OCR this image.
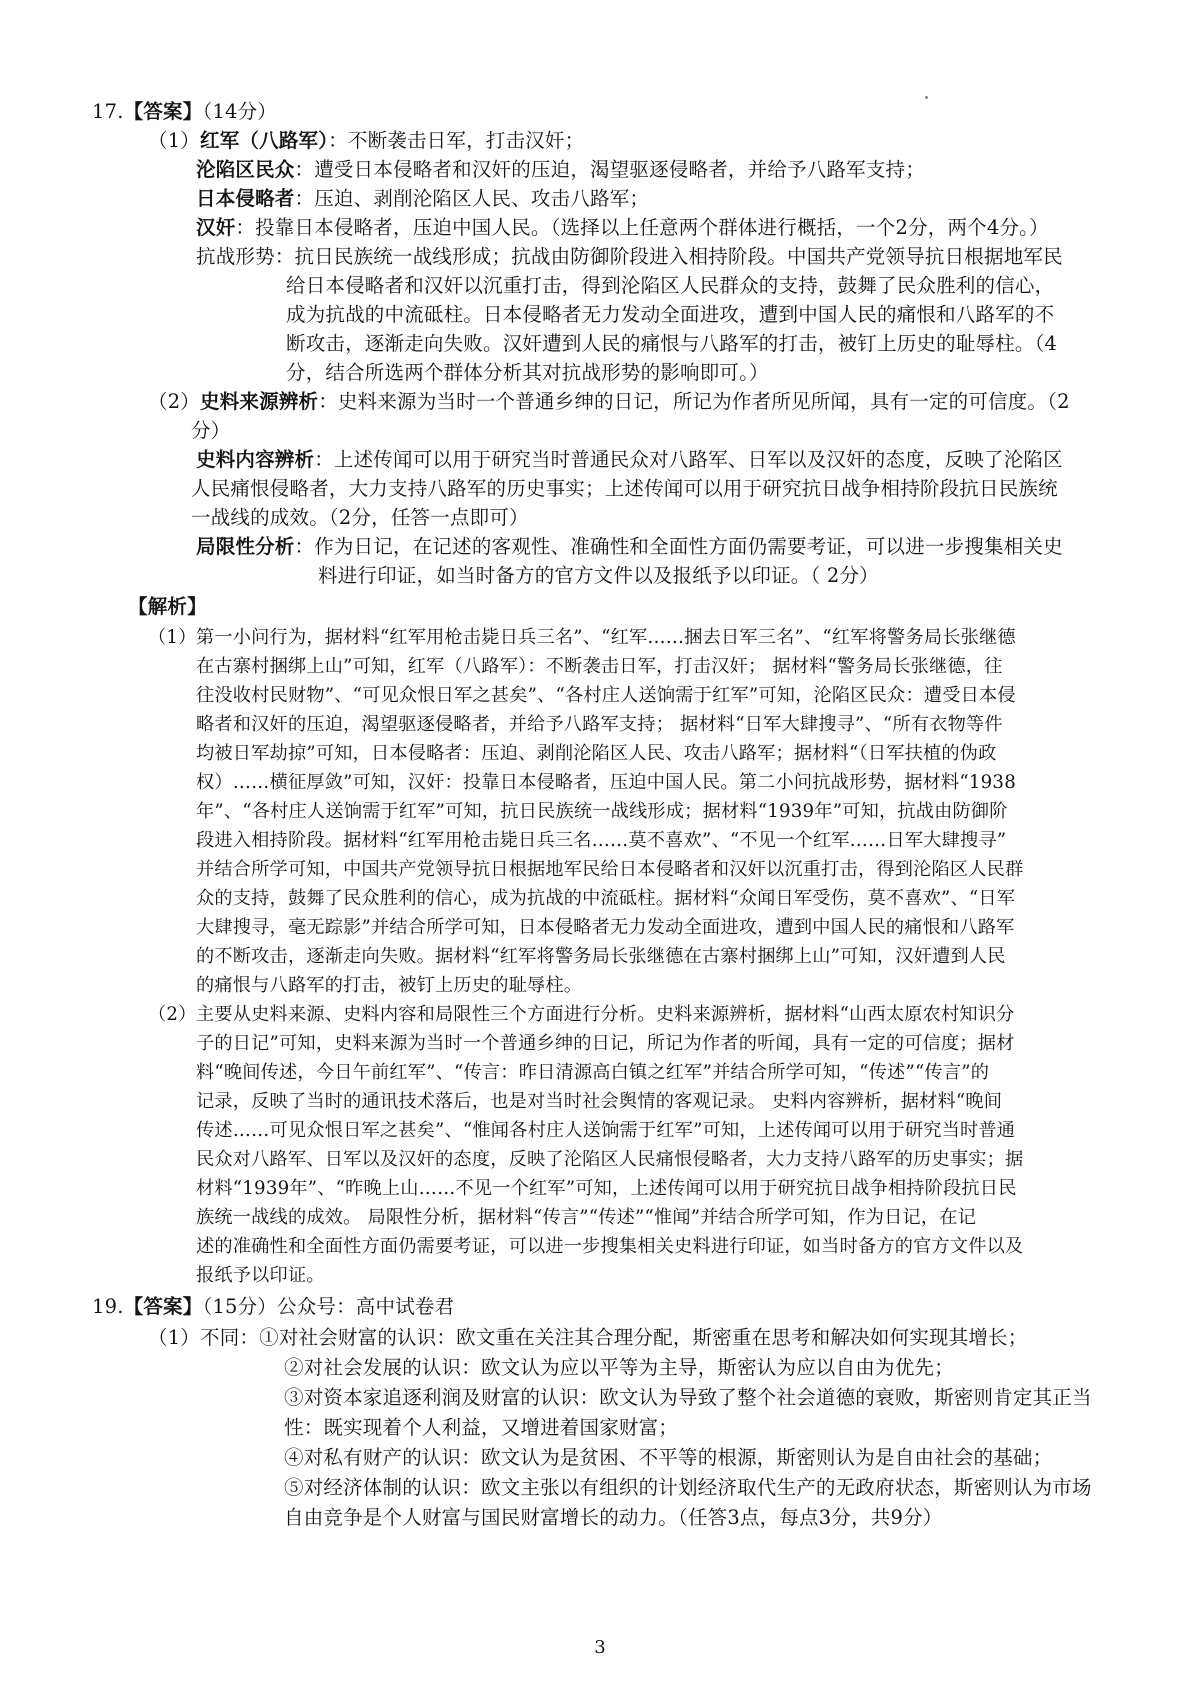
17.【答案】（14分）
（1）红军（八路军）：不断袭击日军，打击汉奸；
沦陷区民众：遭受日本侵略者和汉奸的压迫，渴望驱逐侵略者，并给予八路军支持；
日本侵略者：压迫、剥削沦陷区人民、攻击八路军；
汉奸：投靠日本侵略者，压迫中国人民。（选择以上任意两个群体进行概括，一个2分，两个4分。）
抗战形势：抗日民族统一战线形成；抗战由防御阶段进入相持阶段。中国共产党领导抗日根据地军民
给日本侵略者和汉奸以沉重打击，得到沦陷区人民群众的支持，鼓舞了民众胜利的信心，
成为抗战的中流砥柱。日本侵略者无力发动全面进攻，遭到中国人民的痛恨和八路军的不
断攻击，逐渐走向失败。汉奸遭到人民的痛恨与八路军的打击，被钉上历史的耻辱柱。（4
分，结合所选两个群体分析其对抗战形势的影响即可。）
（2）史料来源辨析：史料来源为当时一个普通乡绅的日记，所记为作者所见所闻，具有一定的可信度。（2
分）
史料内容辨析：上述传闻可以用于研究当时普通民众对八路军、日军以及汉奸的态度，反映了沦陷区
人民痛恨侵略者，大力支持八路军的历史事实；上述传闻可以用于研究抗日战争相持阶段抗日民族统
一战线的成效。（2分，任答一点即可）
局限性分析：作为日记，在记述的客观性、准确性和全面性方面仍需要考证，可以进一步搜集相关史
料进行印证，如当时备方的官方文件以及报纸予以印证。（ 2分）
【解析】
（1） 第一小问行为，据材料“红军用枪击毙日兵三名”、“红军……捆去日军三名”、“红军将警务局长张继德
在古寨村捆绑上山”可知，红军（八路军）：不断袭击日军，打击汉奸； 据材料“警务局长张继德，往
往没收村民财物”、“可见众恨日军之甚矣”、“各村庄人送饷需于红军”可知，沦陷区民众：遭受日本侵
略者和汉奸的压迫，渴望驱逐侵略者，并给予八路军支持； 据材料“日军大肆搜寻”、“所有衣物等件
均被日军劫掠”可知，日本侵略者：压迫、剥削沦陷区人民、攻击八路军；据材料“（日军扶植的伪政
权）……横征厚敛”可知，汉奸：投靠日本侵略者，压迫中国人民。第二小问抗战形势，据材料“1938
年”、“各村庄人送饷需于红军”可知，抗日民族统一战线形成；据材料“1939年”可知，抗战由防御阶
段进入相持阶段。据材料“红军用枪击毙日兵三名……莫不喜欢”、“不见一个红军……日军大肆搜寻”
并结合所学可知，中国共产党领导抗日根据地军民给日本侵略者和汉奸以沉重打击，得到沦陷区人民群
众的支持，鼓舞了民众胜利的信心，成为抗战的中流砥柱。据材料“众闻日军受伤，莫不喜欢”、“日军
大肆搜寻，毫无踪影”并结合所学可知，日本侵略者无力发动全面进攻，遭到中国人民的痛恨和八路军
的不断攻击，逐渐走向失败。据材料“红军将警务局长张继德在古寨村捆绑上山”可知，汉奸遭到人民
的痛恨与八路军的打击，被钉上历史的耻辱柱。
（2） 主要从史料来源、史料内容和局限性三个方面进行分析。史料来源辨析，据材料“山西太原农村知识分
子的日记”可知，史料来源为当时一个普通乡绅的日记，所记为作者的听闻，具有一定的可信度；据材
料“晚间传述，今日午前红军”、“传言：昨日清源高白镇之红军”并结合所学可知，“传述”“传言”的
记录，反映了当时的通讯技术落后，也是对当时社会舆情的客观记录。 史料内容辨析，据材料“晚间
传述……可见众恨日军之甚矣”、“惟闻各村庄人送饷需于红军”可知，上述传闻可以用于研究当时普通
民众对八路军、日军以及汉奸的态度，反映了沦陷区人民痛恨侵略者，大力支持八路军的历史事实；据
材料“1939年”、“昨晚上山……不见一个红军”可知，上述传闻可以用于研究抗日战争相持阶段抗日民
族统一战线的成效。 局限性分析，据材料“传言”“传述”“惟闻”并结合所学可知，作为日记，在记
述的准确性和全面性方面仍需要考证，可以进一步搜集相关史料进行印证，如当时备方的官方文件以及
报纸予以印证。
19.【答案】（15分）公众号：高中试卷君
（1）不同：①对社会财富的认识：欧文重在关注其合理分配，斯密重在思考和解决如何实现其增长；
②对社会发展的认识：欧文认为应以平等为主导，斯密认为应以自由为优先；
③对资本家追逐利润及财富的认识：欧文认为导致了整个社会道德的衰败，斯密则肯定其正当
性：既实现着个人利益，又增进着国家财富；
④对私有财产的认识：欧文认为是贫困、不平等的根源，斯密则认为是自由社会的基础；
⑤对经济体制的认识：欧文主张以有组织的计划经济取代生产的无政府状态，斯密则认为市场
自由竞争是个人财富与国民财富增长的动力。（任答3点，每点3分，共9分）
3
